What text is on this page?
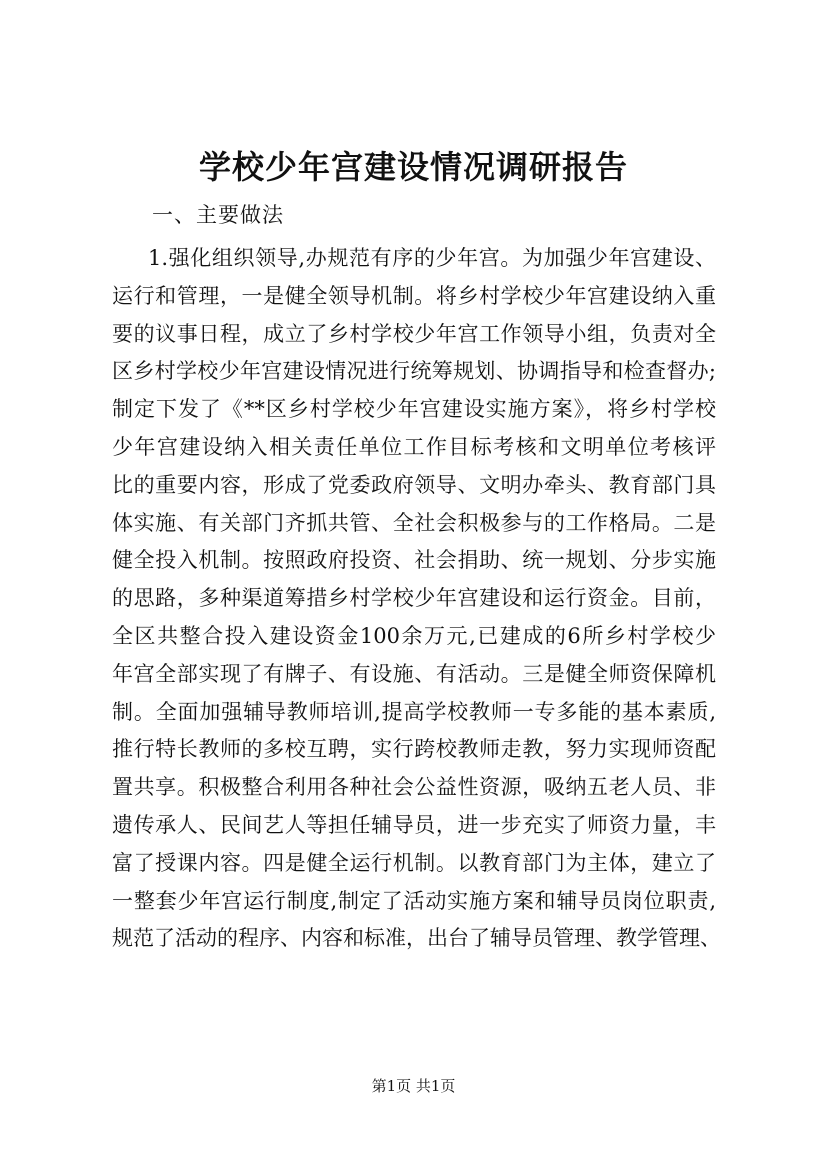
学校少年宫建设情况调研报告
一、主要做法
1.强化组织领导,办规范有序的少年宫。为加强少年宫建设、
运行和管理，一是健全领导机制。将乡村学校少年宫建设纳入重
要的议事日程，成立了乡村学校少年宫工作领导小组，负责对全
区乡村学校少年宫建设情况进行统筹规划、协调指导和检查督办;
制定下发了《**区乡村学校少年宫建设实施方案》，将乡村学校
少年宫建设纳入相关责任单位工作目标考核和文明单位考核评
比的重要内容，形成了党委政府领导、文明办牵头、教育部门具
体实施、有关部门齐抓共管、全社会积极参与的工作格局。二是
健全投入机制。按照政府投资、社会捐助、统一规划、分步实施
的思路，多种渠道筹措乡村学校少年宫建设和运行资金。目前，
全区共整合投入建设资金100余万元,已建成的6所乡村学校少
年宫全部实现了有牌子、有设施、有活动。三是健全师资保障机
制。全面加强辅导教师培训,提高学校教师一专多能的基本素质,
推行特长教师的多校互聘，实行跨校教师走教，努力实现师资配
置共享。积极整合利用各种社会公益性资源，吸纳五老人员、非
遗传承人、民间艺人等担任辅导员，进一步充实了师资力量，丰
富了授课内容。四是健全运行机制。以教育部门为主体，建立了
一整套少年宫运行制度,制定了活动实施方案和辅导员岗位职责,
规范了活动的程序、内容和标准，出台了辅导员管理、教学管理、
第1页 共1页
